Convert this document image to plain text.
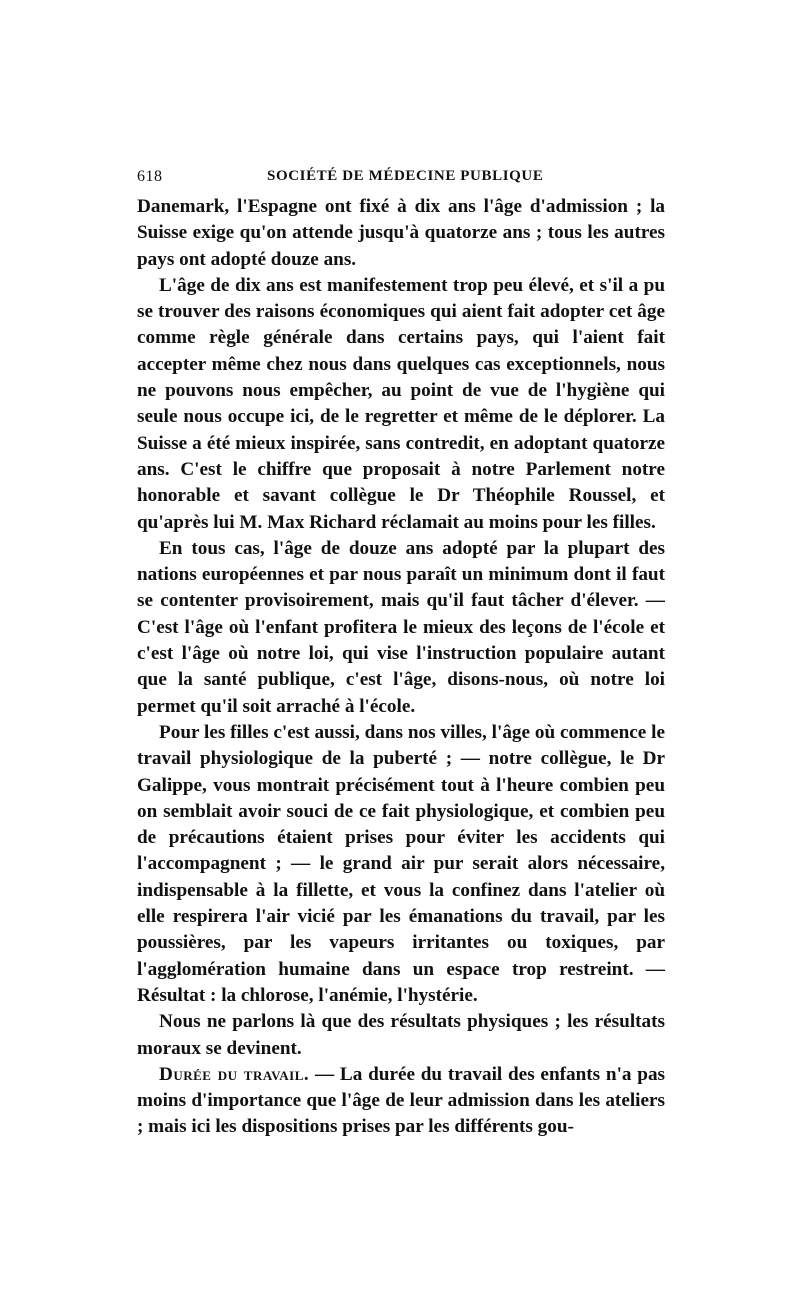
618	SOCIÉTÉ DE MÉDECINE PUBLIQUE

Danemark, l'Espagne ont fixé à dix ans l'âge d'admission ; la Suisse exige qu'on attende jusqu'à quatorze ans ; tous les autres pays ont adopté douze ans.

L'âge de dix ans est manifestement trop peu élevé, et s'il a pu se trouver des raisons économiques qui aient fait adopter cet âge comme règle générale dans certains pays, qui l'aient fait accepter même chez nous dans quelques cas exceptionnels, nous ne pouvons nous empêcher, au point de vue de l'hygiène qui seule nous occupe ici, de le regretter et même de le déplorer. La Suisse a été mieux inspirée, sans contredit, en adoptant quatorze ans. C'est le chiffre que proposait à notre Parlement notre honorable et savant collègue le Dr Théophile Roussel, et qu'après lui M. Max Richard réclamait au moins pour les filles.

En tous cas, l'âge de douze ans adopté par la plupart des nations européennes et par nous paraît un minimum dont il faut se contenter provisoirement, mais qu'il faut tâcher d'élever. — C'est l'âge où l'enfant profitera le mieux des leçons de l'école et c'est l'âge où notre loi, qui vise l'instruction populaire autant que la santé publique, c'est l'âge, disons-nous, où notre loi permet qu'il soit arraché à l'école.

Pour les filles c'est aussi, dans nos villes, l'âge où commence le travail physiologique de la puberté ; — notre collègue, le Dr Galippe, vous montrait précisément tout à l'heure combien peu on semblait avoir souci de ce fait physiologique, et combien peu de précautions étaient prises pour éviter les accidents qui l'accompagnent ; — le grand air pur serait alors nécessaire, indispensable à la fillette, et vous la confinez dans l'atelier où elle respirera l'air vicié par les émanations du travail, par les poussières, par les vapeurs irritantes ou toxiques, par l'agglomération humaine dans un espace trop restreint. — Résultat : la chlorose, l'anémie, l'hystérie.

Nous ne parlons là que des résultats physiques ; les résultats moraux se devinent.

Durée du travail. — La durée du travail des enfants n'a pas moins d'importance que l'âge de leur admission dans les ateliers ; mais ici les dispositions prises par les différents gou-
